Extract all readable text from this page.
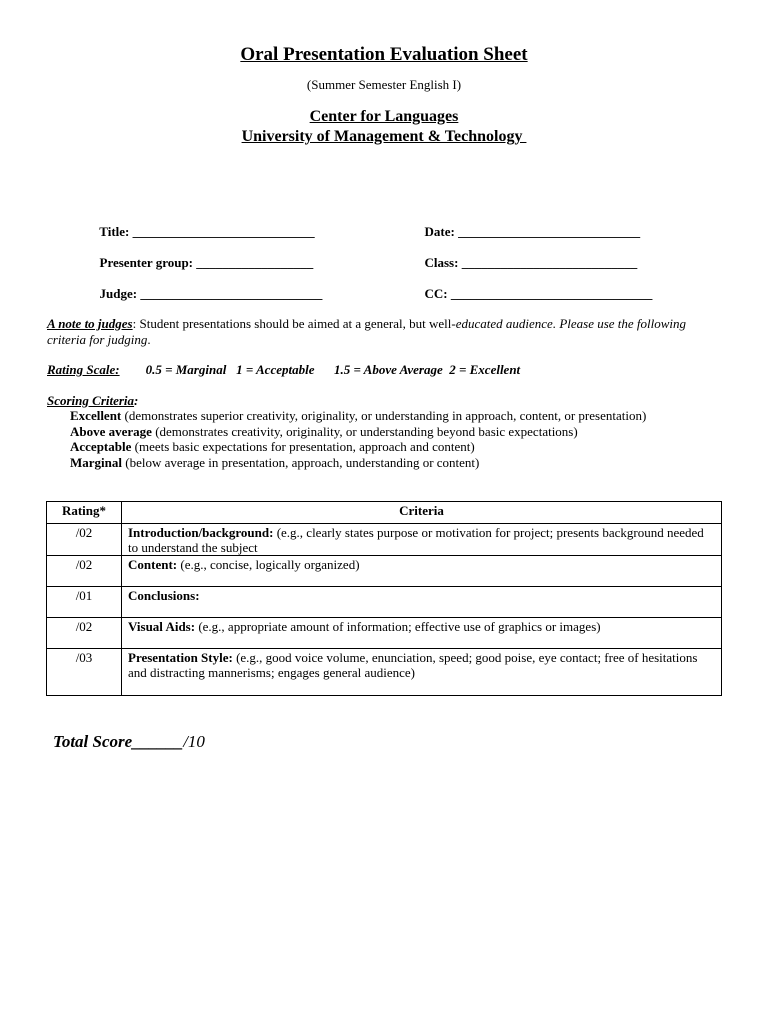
Oral Presentation Evaluation Sheet
(Summer Semester English I)
Center for Languages
University of Management & Technology

Title: ____________________________	Date: ____________________________

Presenter group: __________________	Class: ___________________________

Judge: ____________________________	CC: _______________________________

A note to judges: Student presentations should be aimed at a general, but well-educated audience. Please use the following criteria for judging.
Rating Scale: 0.5 = Marginal 1 = Acceptable 1.5 = Above Average 2 = Excellent
Scoring Criteria:
Excellent (demonstrates superior creativity, originality, or understanding in approach, content, or presentation)
Above average (demonstrates creativity, originality, or understanding beyond basic expectations)
Acceptable (meets basic expectations for presentation, approach and content)
Marginal (below average in presentation, approach, understanding or content)
Rating*	Criteria
/02	Introduction/background: (e.g., clearly states purpose or motivation for project; presents background needed to understand the subject
/02	Content: (e.g., concise, logically organized)
/01	Conclusions:
/02	Visual Aids: (e.g., appropriate amount of information; effective use of graphics or images)
/03	Presentation Style: (e.g., good voice volume, enunciation, speed; good poise, eye contact; free of hesitations and distracting mannerisms; engages general audience)
Total Score______/10
